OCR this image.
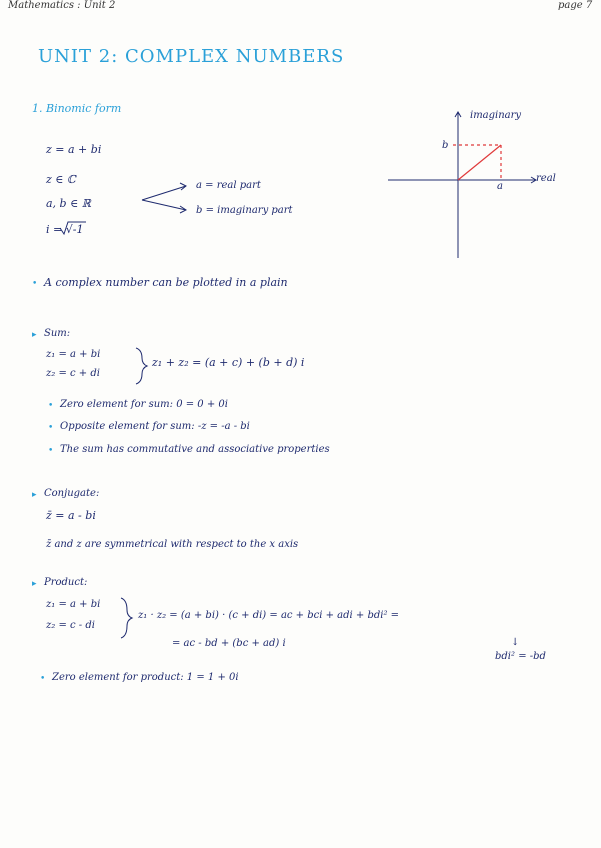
Mathematics : Unit 2	page 7
UNIT 2: COMPLEX NUMBERS
1. Binomic form
z = a + bi
z ∈ ℂ
a, b ∈ ℝ
i = √-1
a = real part
b = imaginary part
imaginary
real
a
b
• A complex number can be plotted in a plain
▸ Sum:
z₁ = a + bi
z₂ = c + di
z₁ + z₂ = (a + c) + (b + d) i
• Zero element for sum: 0 = 0 + 0i
• Opposite element for sum: -z = -a - bi
• The sum has commutative and associative properties
▸ Conjugate:
z̄ = a - bi
z̄ and z are symmetrical with respect to the x axis
▸ Product:
z₁ = a + bi
z₂ = c - di
z₁ · z₂ = (a + bi) · (c + di) = ac + bci + adi + bdi² =
= ac - bd + (bc + ad) i	↓
bdi² = -bd
• Zero element for product: 1 = 1 + 0i
